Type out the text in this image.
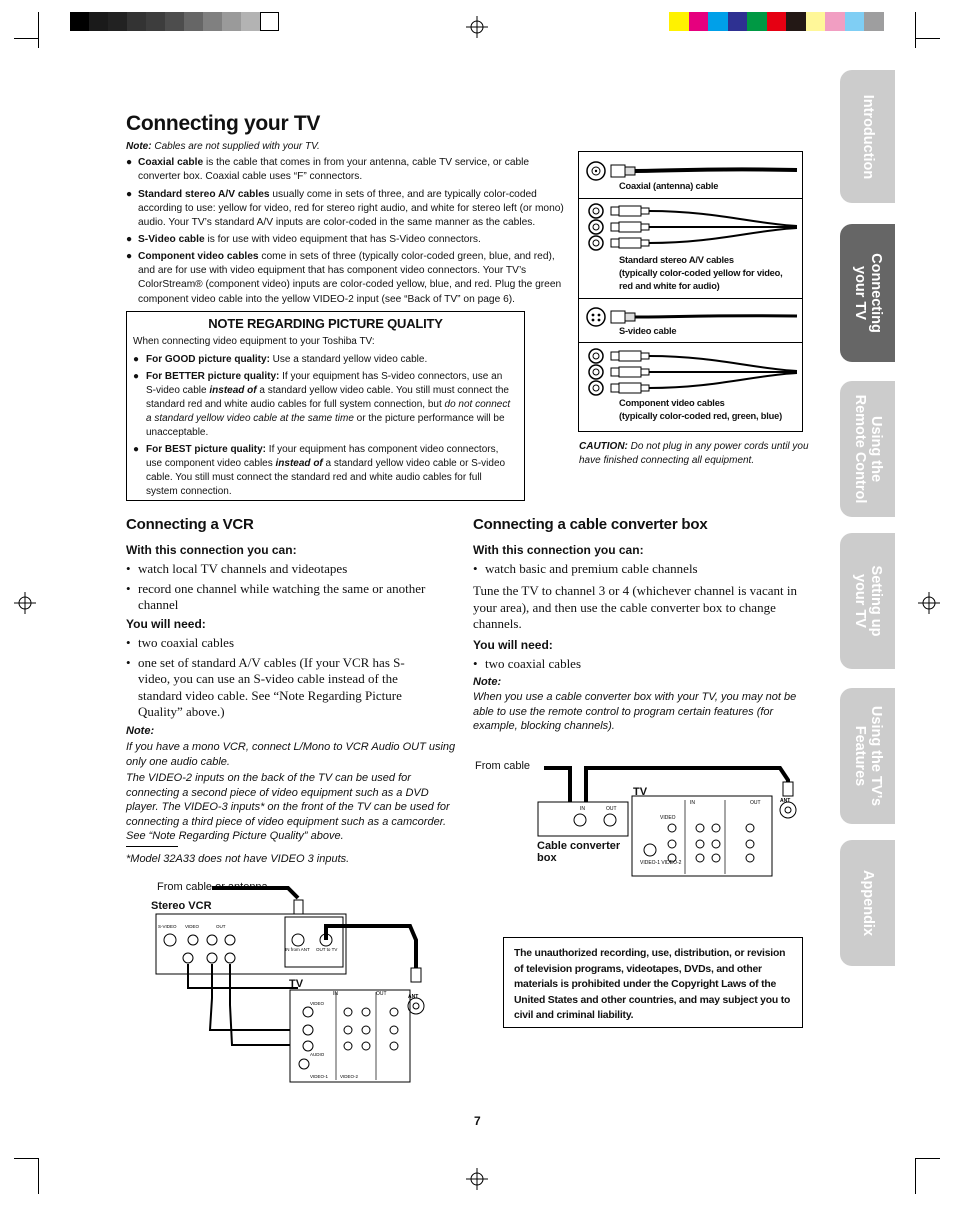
Connecting your TV
Note: Cables are not supplied with your TV.
● Coaxial cable is the cable that comes in from your antenna, cable TV service, or cable converter box. Coaxial cable uses “F” connectors.
● Standard stereo A/V cables usually come in sets of three, and are typically color-coded according to use: yellow for video, red for stereo right audio, and white for stereo left (or mono) audio. Your TV’s standard A/V inputs are color-coded in the same manner as the cables.
● S-Video cable is for use with video equipment that has S-Video connectors.
● Component video cables come in sets of three (typically color-coded green, blue, and red), and are for use with video equipment that has component video connectors. Your TV’s ColorStream® (component video) inputs are color-coded yellow, blue, and red. Plug the green component video cable into the yellow VIDEO-2 input (see “Back of TV” on page 6).
NOTE REGARDING PICTURE QUALITY
When connecting video equipment to your Toshiba TV:
● For GOOD picture quality: Use a standard yellow video cable.
● For BETTER picture quality: If your equipment has S-video connectors, use an S-video cable instead of a standard yellow video cable. You still must connect the standard red and white audio cables for full system connection, but do not connect a standard yellow video cable at the same time or the picture performance will be unacceptable.
● For BEST picture quality: If your equipment has component video connectors, use component video cables instead of a standard yellow video cable or S-video cable. You still must connect the standard red and white audio cables for full system connection.
Coaxial (antenna) cable
Standard stereo A/V cables
(typically color-coded yellow for video,
red and white for audio)
S-video cable
Component video cables
(typically color-coded red, green, blue)
CAUTION: Do not plug in any power cords until you have finished connecting all equipment.
Connecting a VCR
With this connection you can:
• watch local TV channels and videotapes
• record one channel while watching the same or another channel
You will need:
• two coaxial cables
• one set of standard A/V cables (If your VCR has S-video, you can use an S-video cable instead of the standard video cable. See “Note Regarding Picture Quality” above.)
Note:
If you have a mono VCR, connect L/Mono to VCR Audio OUT using only one audio cable.
The VIDEO-2 inputs on the back of the TV can be used for connecting a second piece of video equipment such as a DVD player. The VIDEO-3 inputs* on the front of the TV can be used for connecting a third piece of video equipment such as a camcorder. See “Note Regarding Picture Quality” above.
*Model 32A33 does not have VIDEO 3 inputs.
From cable or antenna
S-VIDEO VIDEO	OUT
IN from ANT OUT to TV
IN	OUT
VIDEO
AUDIO
VIDEO-1	VIDEO-2
ANT
Stereo VCR
TV
Connecting a cable converter box
With this connection you can:
• watch basic and premium cable channels
Tune the TV to channel 3 or 4 (whichever channel is vacant in your area), and then use the cable converter box to change channels.
You will need:
• two coaxial cables
Note:
When you use a cable converter box with your TV, you may not be able to use the remote control to program certain features (for example, blocking channels).
From cable
IN	OUT
IN	OUT
VIDEO
VIDEO-1 VIDEO-2
ANT
TV
Cable converter box
The unauthorized recording, use, distribution, or revision of television programs, videotapes, DVDs, and other materials is prohibited under the Copyright Laws of the United States and other countries, and may subject you to civil and criminal liability.
Introduction
Connecting your TV
Using the Remote Control
Setting up your TV
Using the TV’s Features
Appendix
7
